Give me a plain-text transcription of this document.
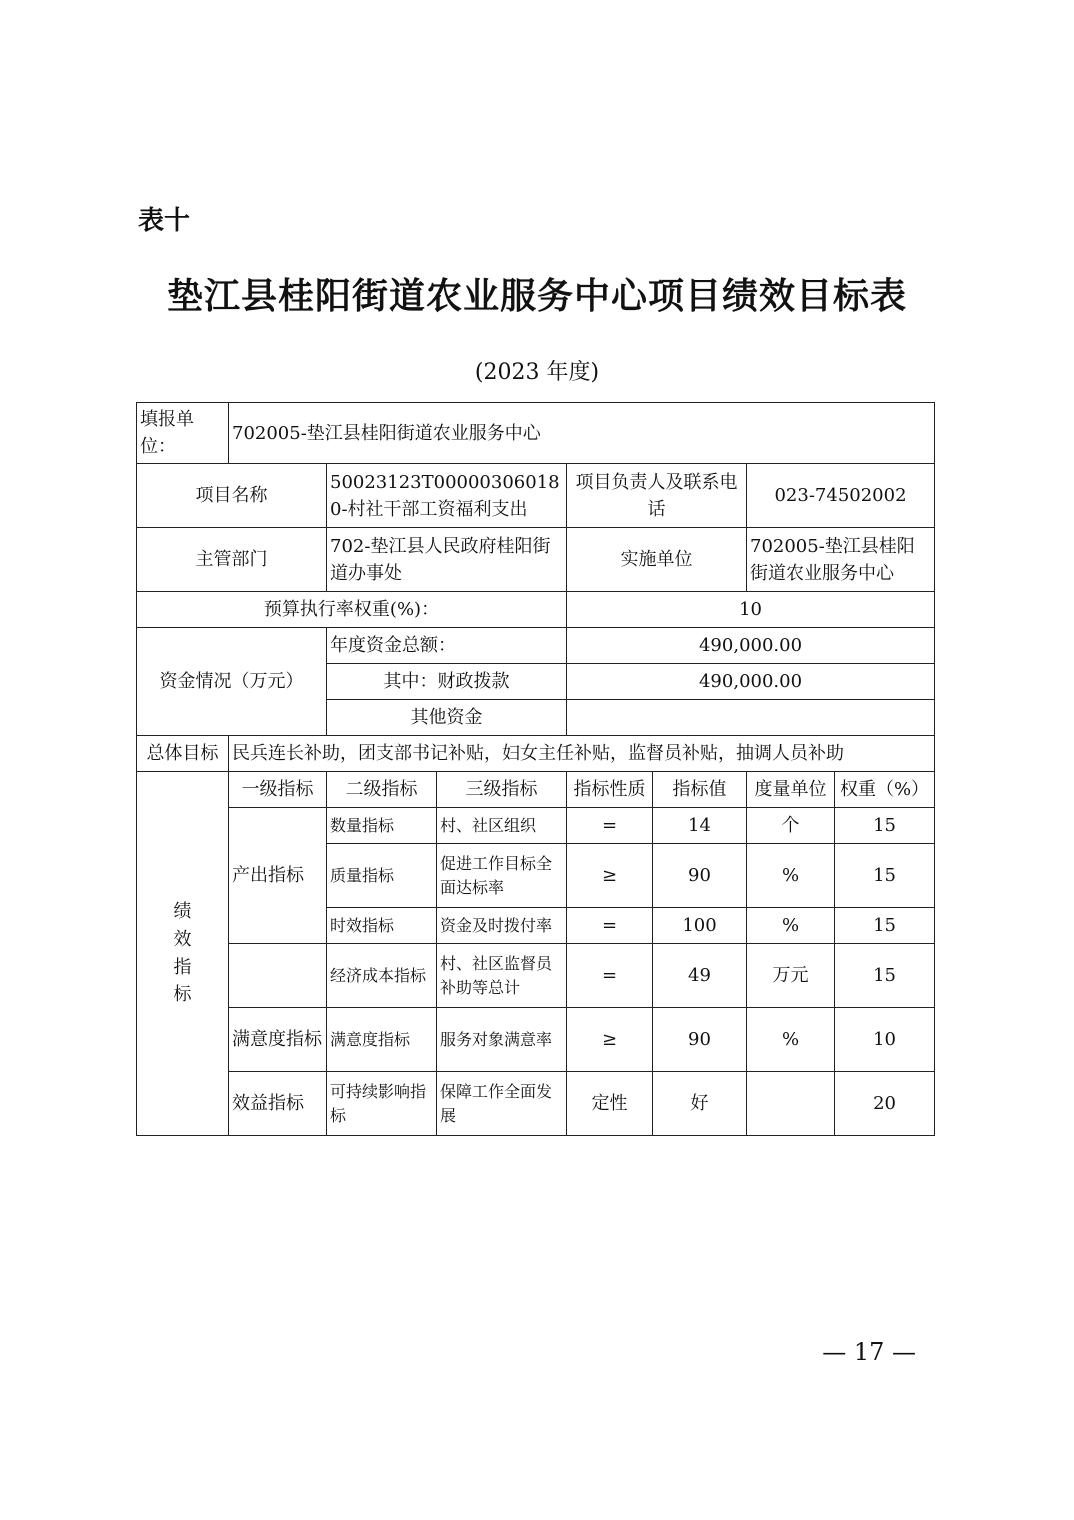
表十
垫江县桂阳街道农业服务中心项目绩效目标表
(2023 年度)
填报单位：	702005-垫江县桂阳街道农业服务中心						
项目名称		50023123T000003060180-村社干部工资福利支出		项目负责人及联系电话		023-74502002	
主管部门		702-垫江县人民政府桂阳街道办事处		实施单位		702005-垫江县桂阳街道农业服务中心	
预算执行率权重(%)：				10			
资金情况（万元）		年度资金总额：		490,000.00			
		其中：财政拨款		490,000.00			
		其他资金					
总体目标	民兵连长补助，团支部书记补贴，妇女主任补贴，监督员补贴，抽调人员补助						
绩效指标	一级指标	二级指标	三级指标	指标性质	指标值	度量单位	权重（%）
	产出指标	数量指标	村、社区组织	=	14	个	15
		质量指标	促进工作目标全面达标率	≥	90	%	15
		时效指标	资金及时拨付率	=	100	%	15
		经济成本指标	村、社区监督员补助等总计	=	49	万元	15
	满意度指标	满意度指标	服务对象满意率	≥	90	%	10
	效益指标	可持续影响指标	保障工作全面发展	定性	好		20
— 17 —
